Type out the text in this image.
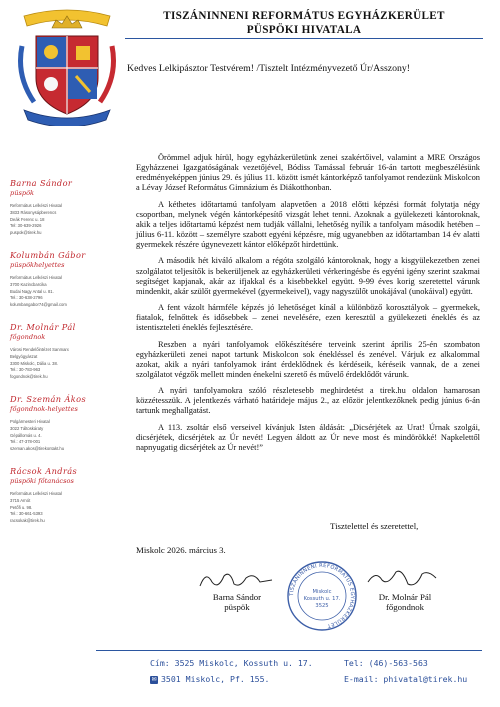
TISZÁNINNENI REFORMÁTUS EGYHÁZKERÜLET
PÜSPÖKI HIVATALA
Kedves Lelkipásztor Testvérem! /Tisztelt Intézményvezető Úr/Asszony!
Barna Sándor
püspök
Református Lelkészi Hivatal
3833 Rásonysápberencs
Deák Ferenc u. 18
Tel: 30-639-2926
puspok@tirek.hu
Kolumbán Gábor
püspökhelyettes
Református Lelkészi Hivatal
3700 Kazincbarcika
Budai Nagy Antal u. 81.
Tel.: 30-638-2796
kolumbangabor74@gmail.com
Dr. Molnár Pál
főgondnok
Városi Rendelőintézet Sanmarx
Belgyógyászat
3300 Miskolc, Dália u. 38.
Tel.: 30-783-963
fogondnok@tirek.hu
Dr. Szemán Ákos
főgondnok-helyettes
Polgármesteri Hivatal
3022 Táltoskáraty
Gépállomás u. 4.
Tel.: 47-378-001
szeman.akos@tirekontakt.hu
Rácsok András
püspöki főtanácsos
Református Lelkészi Hivatal
3715 Arnót
Petőfi u. 98.
Tel.: 30-661-5393
racsokak@tirek.hu

Örömmel adjuk hírül, hogy egyházkerületünk zenei szakértőivel, valamint a MRE Országos Egyházzenei Igazgatóságának vezetőjével, Bódiss Tamással február 16-án tartott megbeszélésünk eredményeképpen június 29. és július 11. között ismét kántorképző tanfolyamot rendezünk Miskolcon a Lévay József Református Gimnázium és Diákotthonban.

A kéthetes időtartamú tanfolyam alapvetően a 2018 előtti képzési formát folytatja négy csoportban, melynek végén kántorképesítő vizsgát lehet tenni. Azoknak a gyülekezeti kántoroknak, akik a teljes időtartamú képzést nem tudják vállalni, lehetőség nyílik a tanfolyam második hetében – július 6-11. között – személyre szabott egyéni képzésre, míg ugyanebben az időtartamban 14 év alatti gyermekek részére úgynevezett kántor előképzőt hirdettünk.

A második hét kiváló alkalom a régóta szolgáló kántoroknak, hogy a kisgyülekezetben zenei szolgálatot teljesítők is bekerüljenek az egyházkerületi vérkeringésbe és egyéni igény szerint szakmai segítséget kapjanak, akár az ifjakkal és a kisebbekkel együtt. 9-99 éves korig szeretettel várunk mindenkit, akár szülőt gyermekével (gyermekeivel), vagy nagyszülőt unokájával (unokáival) együtt.

A fent vázolt hármféle képzés jó lehetőséget kínál a különböző korosztályok – gyermekek, fiatalok, felnőttek és idősebbek – zenei nevelésére, ezen keresztül a gyülekezeti éneklés és az istentiszteleti éneklés fejlesztésére.

Reszben a nyári tanfolyamok előkészítésére terveink szerint április 25-én szombaton egyházkerületi zenei napot tartunk Miskolcon sok énekléssel és zenével. Várjuk ez alkalommal azokat, akik a nyári tanfolyamok iránt érdeklődnek és kérdéseik, kéréseik vannak, de a zenei szolgálatot végzők mellett minden énekelni szerető és művelő érdeklődőt várunk.

A nyári tanfolyamokra szóló részletesebb meghirdetést a tirek.hu oldalon hamarosan közzétesszük. A jelentkezés várható határideje május 2., az előzör jelentkezőknek pedig június 6-án tartunk meghallgatást.

A 113. zsoltár első verseivel kívánjuk Isten áldását: „Dicsérjétek az Urat! Úrnak szolgái, dicsérjétek, dicsérjétek az Úr nevét! Legyen áldott az Úr neve most és mindörökké! Napkelettől napnyugatig dicsérjétek az Úr nevét!”

Tisztelettel és szeretettel,
Miskolc 2026. március 3.
TISZÁNINNENI REFORMÁTUS EGYHÁZKERÜLET
Miskolc
Kossuth u. 17.
3525
Barna Sándor
püspök
Dr. Molnár Pál
főgondnok
Cím: 3525 Miskolc, Kossuth u. 17.	Tel: (46)-563-563
✉ 3501 Miskolc, Pf. 155.	E-mail: phivatal@tirek.hu
